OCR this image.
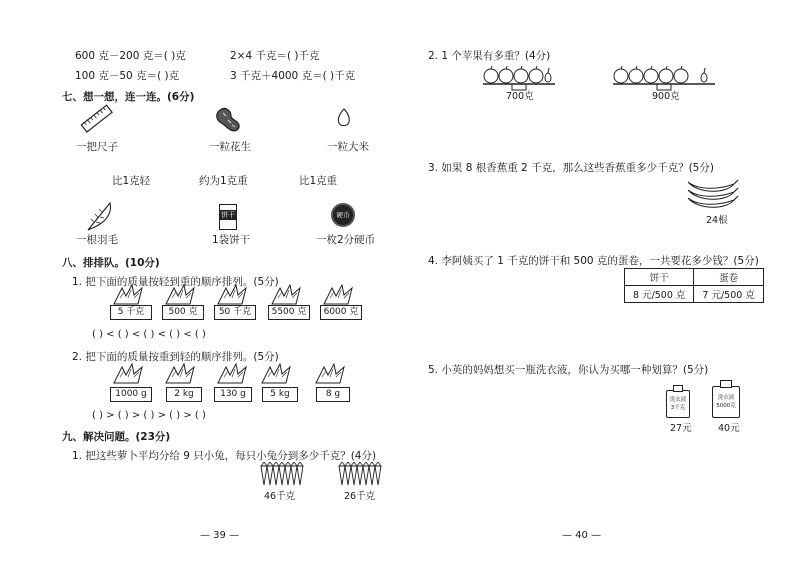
600 克－200 克＝( )克	2×4 千克＝( )千克
100 克－50 克＝( )克	3 千克＋4000 克＝( )千克
七、想一想，连一连。(6分)
一把尺子	一粒花生	一粒大米
比1克轻	约为1克重	比1克重
饼干	硬币
一根羽毛	1袋饼干	一枚2分硬币
八、排排队。(10分)
1. 把下面的质量按轻到重的顺序排列。(5分)
5 千克	500 克	50 千克	5500 克	6000 克
( ) < ( ) < ( ) < ( ) < ( )
2. 把下面的质量按重到轻的顺序排列。(5分)
1000 g	2 kg	130 g	5 kg	8 g
( ) > ( ) > ( ) > ( ) > ( )
九、解决问题。(23分)
1. 把这些萝卜平均分给 9 只小兔，每只小兔分到多少千克？(4分)
46千克	26千克
— 39 —
2. 1 个苹果有多重？(4分)
700克	900克
3. 如果 8 根香蕉重 2 千克，那么这些香蕉重多少千克？(5分)
24根
4. 李阿姨买了 1 千克的饼干和 500 克的蛋卷，一共要花多少钱？(5分)
饼干	蛋卷
8 元/500 克	7 元/500 克
5. 小英的妈妈想买一瓶洗衣液，你认为买哪一种划算？(5分)
洗衣液
3千克
27元
洗衣液
5000克
40元
— 40 —
